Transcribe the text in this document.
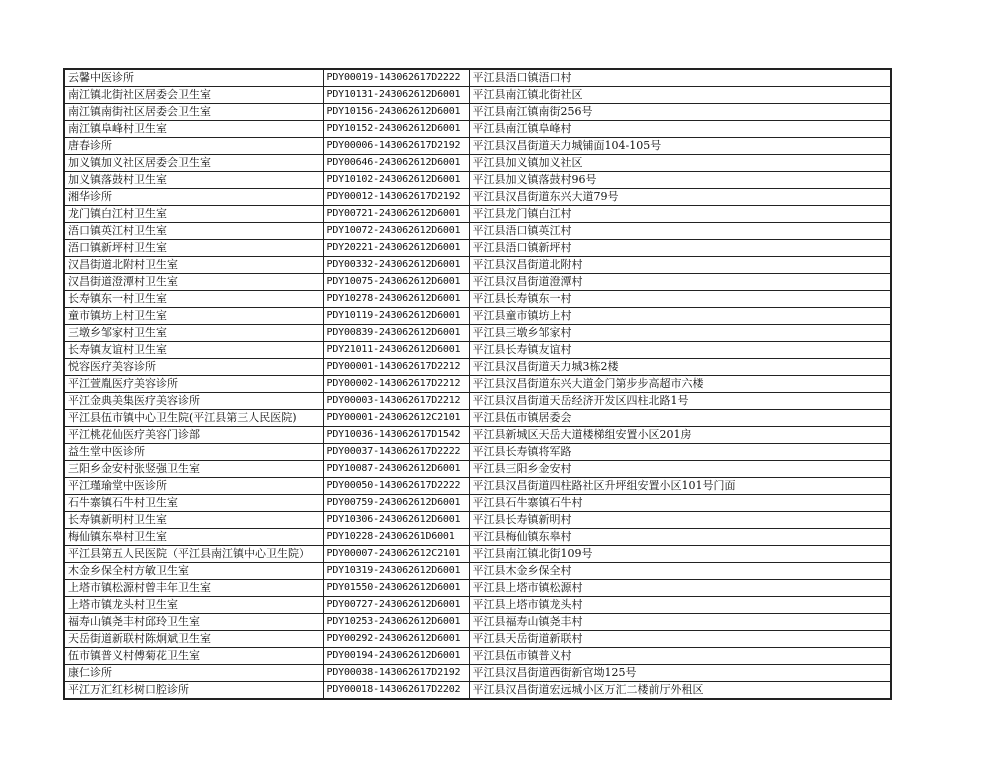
云馨中医诊所	PDY00019-143062617D2222	平江县浯口镇浯口村
南江镇北街社区居委会卫生室	PDY10131-243062612D6001	平江县南江镇北街社区
南江镇南街社区居委会卫生室	PDY10156-243062612D6001	平江县南江镇南街256号
南江镇阜峰村卫生室	PDY10152-243062612D6001	平江县南江镇阜峰村
唐春诊所	PDY00006-143062617D2192	平江县汉昌街道天力城铺面104-105号
加义镇加义社区居委会卫生室	PDY00646-243062612D6001	平江县加义镇加义社区
加义镇落鼓村卫生室	PDY10102-243062612D6001	平江县加义镇落鼓村96号
湘华诊所	PDY00012-143062617D2192	平江县汉昌街道东兴大道79号
龙门镇白江村卫生室	PDY00721-243062612D6001	平江县龙门镇白江村
浯口镇英江村卫生室	PDY10072-243062612D6001	平江县浯口镇英江村
浯口镇新坪村卫生室	PDY20221-243062612D6001	平江县浯口镇新坪村
汉昌街道北附村卫生室	PDY00332-243062612D6001	平江县汉昌街道北附村
汉昌街道澄潭村卫生室	PDY10075-243062612D6001	平江县汉昌街道澄潭村
长寿镇东一村卫生室	PDY10278-243062612D6001	平江县长寿镇东一村
童市镇坊上村卫生室	PDY10119-243062612D6001	平江县童市镇坊上村
三墩乡邹家村卫生室	PDY00839-243062612D6001	平江县三墩乡邹家村
长寿镇友谊村卫生室	PDY21011-243062612D6001	平江县长寿镇友谊村
悦容医疗美容诊所	PDY00001-143062617D2212	平江县汉昌街道天力城3栋2楼
平江萱胤医疗美容诊所	PDY00002-143062617D2212	平江县汉昌街道东兴大道金门第步步高超市六楼
平江金典美集医疗美容诊所	PDY00003-143062617D2212	平江县汉昌街道天岳经济开发区四柱北路1号
平江县伍市镇中心卫生院(平江县第三人民医院)	PDY00001-243062612C2101	平江县伍市镇居委会
平江桃花仙医疗美容门诊部	PDY10036-143062617D1542	平江县新城区天岳大道楼梯组安置小区201房
益生堂中医诊所	PDY00037-143062617D2222	平江县长寿镇将军路
三阳乡金安村张竖强卫生室	PDY10087-243062612D6001	平江县三阳乡金安村
平江瑾瑜堂中医诊所	PDY00050-143062617D2222	平江县汉昌街道四柱路社区升坪组安置小区101号门面
石牛寨镇石牛村卫生室	PDY00759-243062612D6001	平江县石牛寨镇石牛村
长寿镇新明村卫生室	PDY10306-243062612D6001	平江县长寿镇新明村
梅仙镇东皋村卫生室	PDY10228-24306261D6001	平江县梅仙镇东皋村
平江县第五人民医院（平江县南江镇中心卫生院）	PDY00007-243062612C2101	平江县南江镇北街109号
木金乡保全村方敏卫生室	PDY10319-243062612D6001	平江县木金乡保全村
上塔市镇松源村曾丰年卫生室	PDY01550-243062612D6001	平江县上塔市镇松源村
上塔市镇龙头村卫生室	PDY00727-243062612D6001	平江县上塔市镇龙头村
福寿山镇尧丰村邱玲卫生室	PDY10253-243062612D6001	平江县福寿山镇尧丰村
天岳街道新联村陈炯斌卫生室	PDY00292-243062612D6001	平江县天岳街道新联村
伍市镇普义村傅菊花卫生室	PDY00194-243062612D6001	平江县伍市镇普义村
康仁诊所	PDY00038-143062617D2192	平江县汉昌街道西街新官坳125号
平江万汇红杉树口腔诊所	PDY00018-143062617D2202	平江县汉昌街道宏远城小区万汇二楼前厅外租区
